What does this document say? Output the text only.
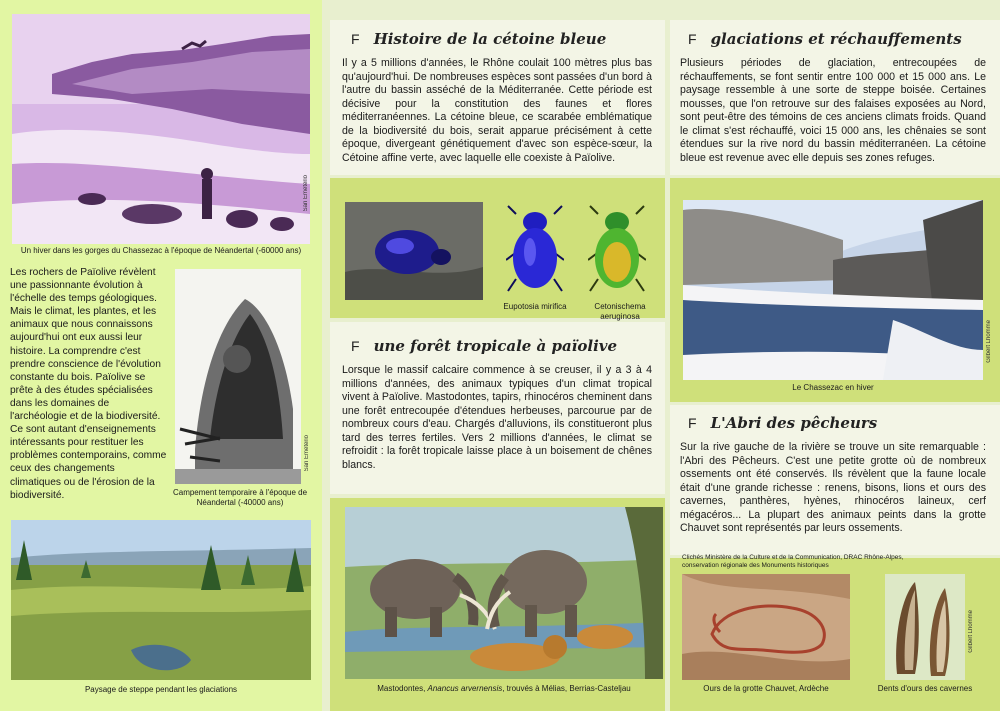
San Emeterio
Un hiver dans les gorges du Chassezac à l'époque de Néandertal (-60000 ans)
Les rochers de Païolive révèlent une passionnante évolution à l'échelle des temps géologiques. Mais le climat, les plantes, et les animaux que nous connaissons aujourd'hui ont eux aussi leur histoire. La comprendre c'est prendre conscience de l'évolution constante du bois. Païolive se prête à des études spécialisées dans les domaines de l'archéologie et de la biodiversité. Ce sont autant d'enseignements intéressants pour restituer les problèmes contemporains, comme ceux des changements climatiques ou de l'érosion de la biodiversité.
San Emeterio
Campement temporaire à l'époque de Néandertal (-40000 ans)
Paysage de steppe pendant les glaciations
F Histoire de la cétoine bleue
Il y a 5 millions d'années, le Rhône coulait 100 mètres plus bas qu'aujourd'hui. De nombreuses espèces sont passées d'un bord à l'autre du bassin asséché de la Méditerranée. Cette période est décisive pour la constitution des faunes et flores méditerranéennes. La cétoine bleue, ce scarabée emblématique de la biodiversité du bois, serait apparue précisément à cette époque, divergeant génétiquement d'avec son espèce-sœur, la Cétoine affine verte, avec laquelle elle coexiste à Païolive.
Eupotosia mirifica	Cetonischema aeruginosa
F une forêt tropicale à païolive
Lorsque le massif calcaire commence à se creuser, il y a 3 à 4 millions d'années, des animaux typiques d'un climat tropical vivent à Païolive. Mastodontes, tapirs, rhinocéros cheminent dans une forêt entrecoupée d'étendues herbeuses, parcourue par de nombreux cours d'eau. Chargés d'alluvions, ils constitueront plus tard des terres fertiles. Vers 2 millions d'années, le climat se refroidit : la forêt tropicale laisse place à un boisement de chênes blancs.
Mastodontes, Anancus arvernensis, trouvés à Mélias, Berrias-Casteljau
F glaciations et réchauffements
Plusieurs périodes de glaciation, entrecoupées de réchauffements, se font sentir entre 100 000 et 15 000 ans. Le paysage ressemble à une sorte de steppe boisée. Certaines mousses, que l'on retrouve sur des falaises exposées au Nord, sont peut-être des témoins de ces anciens climats froids. Quand le climat s'est réchauffé, voici 15 000 ans, les chênaies se sont étendues sur la rive nord du bassin méditerranéen. La cétoine bleue est revenue avec elle depuis ses zones refuges.
Gilbert Lhomme
Le Chassezac en hiver
F L'Abri des pêcheurs
Sur la rive gauche de la rivière se trouve un site remarquable : l'Abri des Pêcheurs. C'est une petite grotte où de nombreux ossements ont été conservés. Ils révèlent que la faune locale était d'une grande richesse : renens, bisons, lions et ours des cavernes, panthères, hyènes, rhinocéros laineux, cerf mégacéros... La plupart des animaux peints dans la grotte Chauvet sont représentés par leurs ossements.
Clichés Ministère de la Culture et de la Communication, DRAC Rhône-Alpes,
conservation régionale des Monuments historiques
Gilbert Lhomme
Ours de la grotte Chauvet, Ardèche	Dents d'ours des cavernes
